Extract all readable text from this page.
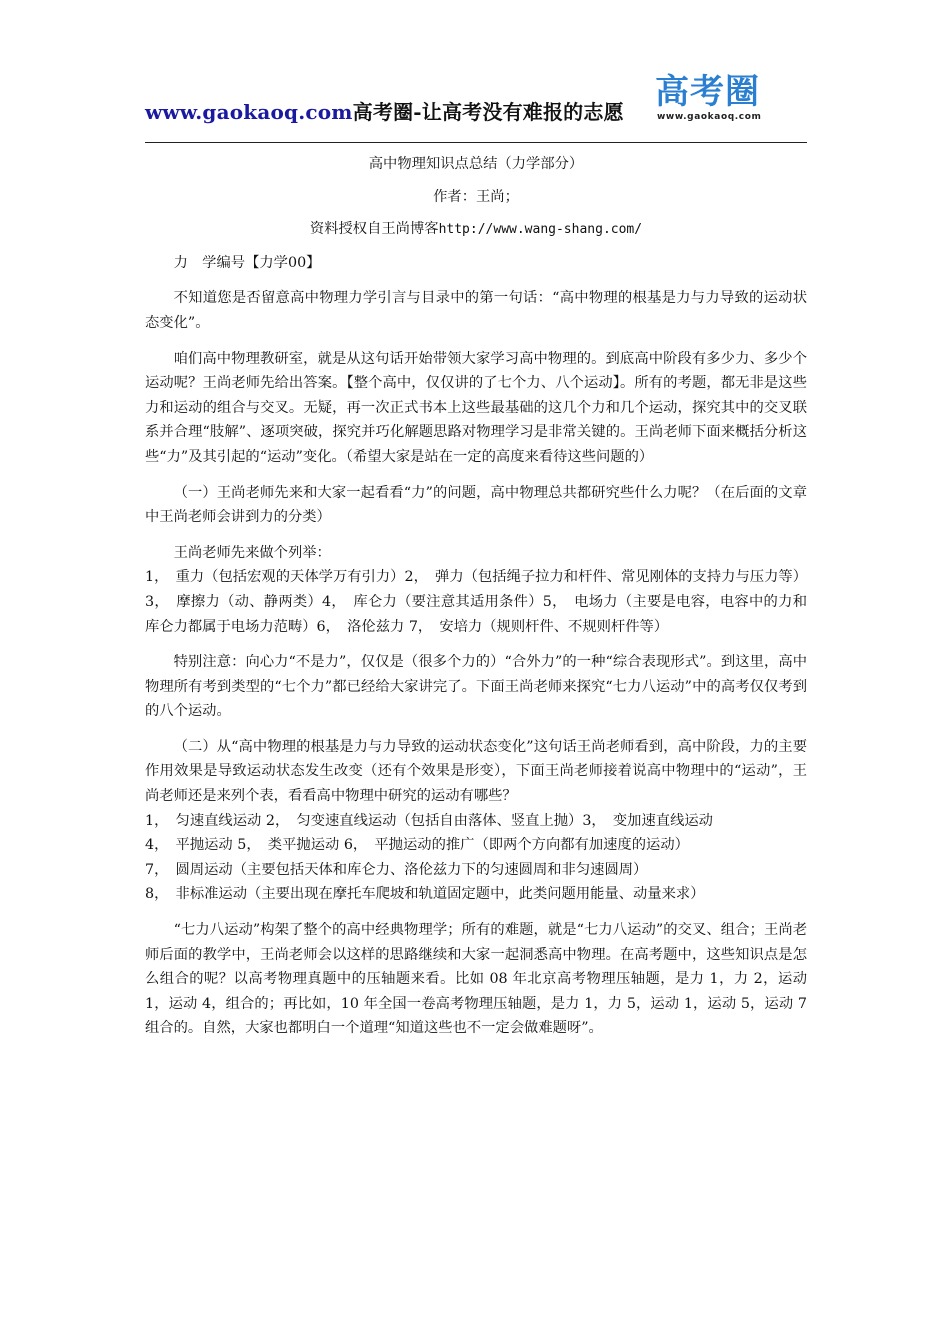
www.gaokaoq.com高考圈-让高考没有难报的志愿 高考圈
www.gaokaoq.com

高中物理知识点总结（力学部分）

作者：王尚；

资料授权自王尚博客http://www.wang-shang.com/

力　学编号【力学00】

不知道您是否留意高中物理力学引言与目录中的第一句话：“高中物理的根基是力与力导致的运动状态变化”。

咱们高中物理教研室，就是从这句话开始带领大家学习高中物理的。到底高中阶段有多少力、多少个运动呢？王尚老师先给出答案。【整个高中，仅仅讲的了七个力、八个运动】。所有的考题，都无非是这些力和运动的组合与交叉。无疑，再一次正式书本上这些最基础的这几个力和几个运动，探究其中的交叉联系并合理“肢解”、逐项突破，探究并巧化解题思路对物理学习是非常关键的。王尚老师下面来概括分析这些“力”及其引起的“运动”变化。（希望大家是站在一定的高度来看待这些问题的）

（一）王尚老师先来和大家一起看看“力”的问题，高中物理总共都研究些什么力呢？（在后面的文章中王尚老师会讲到力的分类）

王尚老师先来做个列举：

1，　重力（包括宏观的天体学万有引力）2，　弹力（包括绳子拉力和杆件、常见刚体的支持力与压力等）3，　摩擦力（动、静两类）4，　库仑力（要注意其适用条件）5，　电场力（主要是电容，电容中的力和库仑力都属于电场力范畴）6，　洛伦兹力 7，　安培力（规则杆件、不规则杆件等）

特别注意：向心力“不是力”，仅仅是（很多个力的）“合外力”的一种“综合表现形式”。到这里，高中物理所有考到类型的“七个力”都已经给大家讲完了。下面王尚老师来探究“七力八运动”中的高考仅仅考到的八个运动。

（二）从“高中物理的根基是力与力导致的运动状态变化”这句话王尚老师看到，高中阶段，力的主要作用效果是导致运动状态发生改变（还有个效果是形变），下面王尚老师接着说高中物理中的“运动”，王尚老师还是来列个表，看看高中物理中研究的运动有哪些？

1，　匀速直线运动 2，　匀变速直线运动（包括自由落体、竖直上抛）3，　变加速直线运动

4，　平抛运动 5，　类平抛运动 6，　平抛运动的推广（即两个方向都有加速度的运动）

7，　圆周运动（主要包括天体和库仑力、洛伦兹力下的匀速圆周和非匀速圆周）

8，　非标准运动（主要出现在摩托车爬坡和轨道固定题中，此类问题用能量、动量来求）

“七力八运动”构架了整个的高中经典物理学；所有的难题，就是“七力八运动”的交叉、组合；王尚老师后面的教学中，王尚老师会以这样的思路继续和大家一起洞悉高中物理。在高考题中，这些知识点是怎么组合的呢？以高考物理真题中的压轴题来看。比如 08 年北京高考物理压轴题，是力 1，力 2，运动 1，运动 4，组合的；再比如，10 年全国一卷高考物理压轴题，是力 1，力 5，运动 1，运动 5，运动 7 组合的。自然，大家也都明白一个道理“知道这些也不一定会做难题呀”。
